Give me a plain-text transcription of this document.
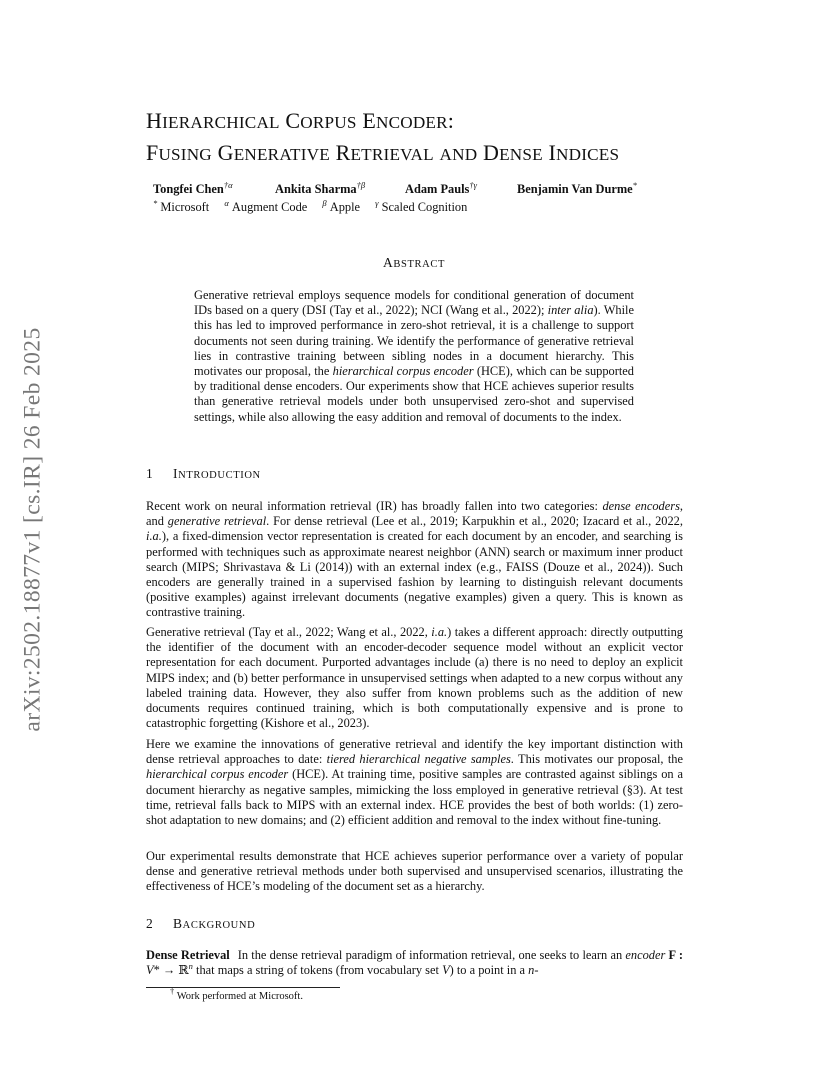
arXiv:2502.18877v1 [cs.IR] 26 Feb 2025
HIERARCHICAL CORPUS ENCODER:
FUSING GENERATIVE RETRIEVAL AND DENSE INDICES
Tongfei Chen$^{\dagger\alpha}$	Ankita Sharma$^{\dagger\beta}$	Adam Pauls$^{\dagger\gamma}$	Benjamin Van Durme*
* Microsoft $^\alpha$ Augment Code $^\beta$ Apple $^\gamma$ Scaled Cognition
ABSTRACT

Generative retrieval employs sequence models for conditional generation of document IDs based on a query (DSI (Tay et al., 2022); NCI (Wang et al., 2022); inter alia). While this has led to improved performance in zero-shot retrieval, it is a challenge to support documents not seen during training. We identify the performance of generative retrieval lies in contrastive training between sibling nodes in a document hierarchy. This motivates our proposal, the hierarchical corpus encoder (HCE), which can be supported by traditional dense encoders. Our experiments show that HCE achieves superior results than generative retrieval models under both unsupervised zero-shot and supervised settings, while also allowing the easy addition and removal of documents to the index.

1 INTRODUCTION

Recent work on neural information retrieval (IR) has broadly fallen into two categories: dense encoders, and generative retrieval. For dense retrieval (Lee et al., 2019; Karpukhin et al., 2020; Izacard et al., 2022, i.a.), a fixed-dimension vector representation is created for each document by an encoder, and searching is performed with techniques such as approximate nearest neighbor (ANN) search or maximum inner product search (MIPS; Shrivastava & Li (2014)) with an external index (e.g., FAISS (Douze et al., 2024)). Such encoders are generally trained in a supervised fashion by learning to distinguish relevant documents (positive examples) against irrelevant documents (negative examples) given a query. This is known as contrastive training.

Generative retrieval (Tay et al., 2022; Wang et al., 2022, i.a.) takes a different approach: directly outputting the identifier of the document with an encoder-decoder sequence model without an explicit vector representation for each document. Purported advantages include (a) there is no need to deploy an explicit MIPS index; and (b) better performance in unsupervised settings when adapted to a new corpus without any labeled training data. However, they also suffer from known problems such as the addition of new documents requires continued training, which is both computationally expensive and is prone to catastrophic forgetting (Kishore et al., 2023).

Here we examine the innovations of generative retrieval and identify the key important distinction with dense retrieval approaches to date: tiered hierarchical negative samples. This motivates our proposal, the hierarchical corpus encoder (HCE). At training time, positive samples are contrasted against siblings on a document hierarchy as negative samples, mimicking the loss employed in generative retrieval (§3). At test time, retrieval falls back to MIPS with an external index. HCE provides the best of both worlds: (1) zero-shot adaptation to new domains; and (2) efficient addition and removal to the index without fine-tuning.

Our experimental results demonstrate that HCE achieves superior performance over a variety of popular dense and generative retrieval methods under both supervised and unsupervised scenarios, illustrating the effectiveness of HCE’s modeling of the document set as a hierarchy.

2 BACKGROUND

Dense Retrieval In the dense retrieval paradigm of information retrieval, one seeks to learn an encoder F : V* → ℝ$^n$ that maps a string of tokens (from vocabulary set V) to a point in a n-

† Work performed at Microsoft.
